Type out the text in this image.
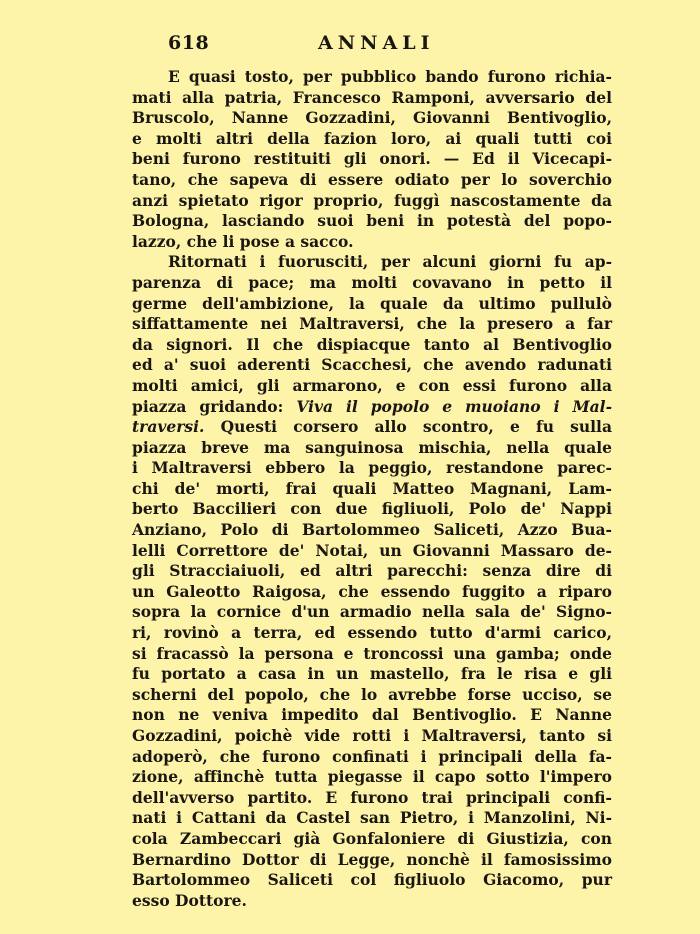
618	ANNALI
E quasi tosto, per pubblico bando furono richia-
mati alla patria, Francesco Ramponi, avversario del
Bruscolo, Nanne Gozzadini, Giovanni Bentivoglio,
e molti altri della fazion loro, ai quali tutti coi
beni furono restituiti gli onori. — Ed il Vicecapi-
tano, che sapeva di essere odiato per lo soverchio
anzi spietato rigor proprio, fuggì nascostamente da
Bologna, lasciando suoi beni in potestà del popo-
lazzo, che li pose a sacco.
Ritornati i fuorusciti, per alcuni giorni fu ap-
parenza di pace; ma molti covavano in petto il
germe dell'ambizione, la quale da ultimo pullulò
siffattamente nei Maltraversi, che la presero a far
da signori. Il che dispiacque tanto al Bentivoglio
ed a' suoi aderenti Scacchesi, che avendo radunati
molti amici, gli armarono, e con essi furono alla
piazza gridando: Viva il popolo e muoiano i Mal-
traversi. Questi corsero allo scontro, e fu sulla
piazza breve ma sanguinosa mischia, nella quale
i Maltraversi ebbero la peggio, restandone parec-
chi de' morti, frai quali Matteo Magnani, Lam-
berto Baccilieri con due figliuoli, Polo de' Nappi
Anziano, Polo di Bartolommeo Saliceti, Azzo Bua-
lelli Correttore de' Notai, un Giovanni Massaro de-
gli Stracciaiuoli, ed altri parecchi: senza dire di
un Galeotto Raigosa, che essendo fuggito a riparo
sopra la cornice d'un armadio nella sala de' Signo-
ri, rovinò a terra, ed essendo tutto d'armi carico,
si fracassò la persona e troncossi una gamba; onde
fu portato a casa in un mastello, fra le risa e gli
scherni del popolo, che lo avrebbe forse ucciso, se
non ne veniva impedito dal Bentivoglio. E Nanne
Gozzadini, poichè vide rotti i Maltraversi, tanto si
adoperò, che furono confinati i principali della fa-
zione, affinchè tutta piegasse il capo sotto l'impero
dell'avverso partito. E furono trai principali confi-
nati i Cattani da Castel san Pietro, i Manzolini, Ni-
cola Zambeccari già Gonfaloniere di Giustizia, con
Bernardino Dottor di Legge, nonchè il famosissimo
Bartolommeo Saliceti col figliuolo Giacomo, pur
esso Dottore.
